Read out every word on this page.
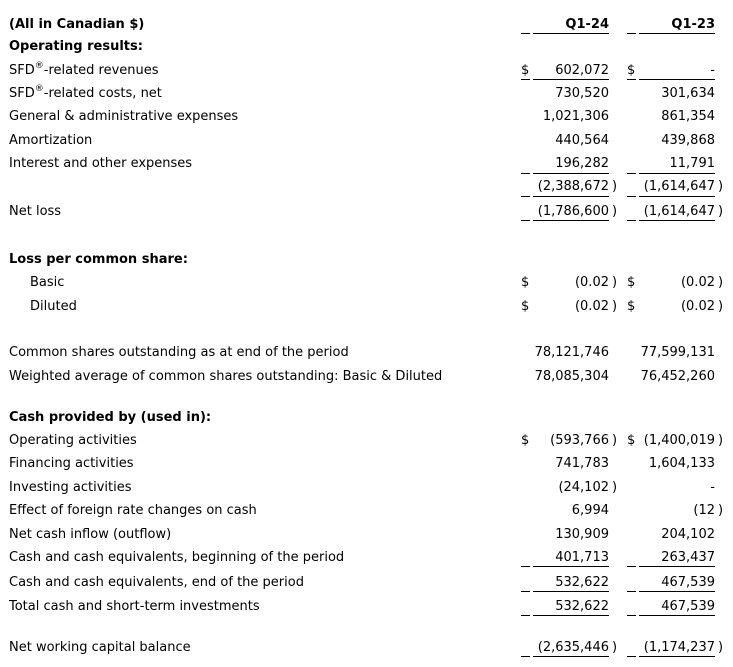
(All in Canadian $)	Q1-24	Q1-23
Operating results:
SFD®-related revenues	$	602,072 $	-
SFD®-related costs, net	730,520	301,634
General & administrative expenses	1,021,306	861,354
Amortization	440,564	439,868
Interest and other expenses	196,282	11,791
(2,388,672 )	(1,614,647 )
Net loss	(1,786,600 )	(1,614,647 )
Loss per common share:
Basic	$	(0.02 ) $	(0.02 )
Diluted	$	(0.02 ) $	(0.02 )
Common shares outstanding as at end of the period	78,121,746 77,599,131
Weighted average of common shares outstanding: Basic & Diluted	78,085,304 76,452,260
Cash provided by (used in):
Operating activities	$	(593,766 ) $ (1,400,019 )
Financing activities	741,783	1,604,133
Investing activities	(24,102 )	-
Effect of foreign rate changes on cash	6,994	(12 )
Net cash inflow (outflow)	130,909	204,102
Cash and cash equivalents, beginning of the period	401,713	263,437
Cash and cash equivalents, end of the period	532,622	467,539
Total cash and short-term investments	532,622	467,539
Net working capital balance	(2,635,446 )	(1,174,237 )
